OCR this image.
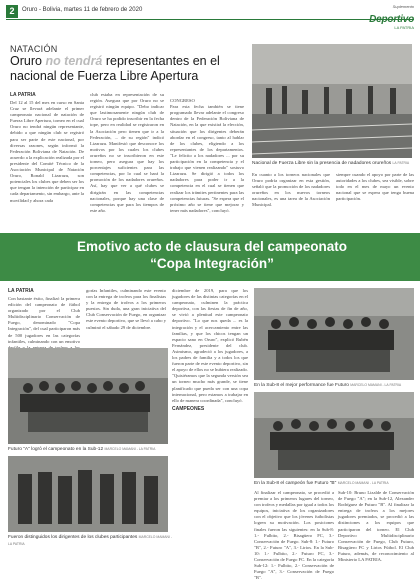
2	Oruro - Bolivia, martes 11 de febrero de 2020
Suplemento
Deportivo
LA PATRIA
NATACIÓN
Oruro no tendrá representantes en el nacional de Fuerza Libre Apertura
LA PATRIA
Del 12 al 15 del mes en curso en Santa Cruz se llevará adelante el primer campeonato nacional de natación de Fuerza Libre Apertura, torneo en el cual Oruro no tendrá ningún representante, debido a que ningún club se registró para ser parte de este nacional, por diversas razones, según informó la Federación Boliviana de Natación. De acuerdo a la explicación realizada por el presidente del Comité Técnico de la Asociación Municipal de Natación Oruro, Ronald Lizarazu, son potenciales los clubes que deben ser los que tengan la intención de participar en cada departamento, sin embargo, ante la movilidad y ahora cada
club estaba en representación de su región. Asegura que por Oruro no se registró ningún equipo. "Debo indicar que lastimosamente ningún club de Oruro se ha podido inscribir en la fecha tope, pero en realidad se registraron en la Asociación pero tienen que ir a la Federación, ... de su región" indicó Lizarazu. Manifestó que desconoce los motivos por los cuales los clubes orureños no se inscribieron en este torneo, pero asegura que hay los porcentajes suficientes para las competencias, por lo cual se hará la promoción de los nadadores orureños. Así, hay que ver a qué clubes se dirigirán en las competencias nacionales, porque hay una clase de competencias que para los tiempos de este año.

CONGRESO
Para esta fecha también se tiene programado llevar adelante el congreso dentro de la Federación Boliviana de Natación, en la que existirá la elección, situación que los dirigentes deberán abordar en el congreso, tanto al hablar de los clubes, eligiendo a los representantes de los departamentos. "Le felicito a los nadadores ... por su participación en la competencia y el trabajo que vienen realizando" sostuvo Lizarazu. Se dirigió a todos los nadadores para poder ir a la competencia en el cual se tienen que realizar los trámites pertinentes para las competencias futuras. "Se espera que el próximo año se tiene que mejorar y tener más nadadores", concluyó.

Nacional de Fuerza Libre sin la presencia de nadadores orureños LA PATRIA
En cuanto a los torneos nacionales que Oruro podría organizar en esta gestión, señaló que la promoción de los nadadores orureños en los nuevos torneos nacionales, es una tarea de la Asociación Municipal.
siempre cuando el apoyo por parte de las autoridades a los clubes, sea visible, sobre todo en el mes de mayo un evento nacional que se espera que tenga buena participación.
Emotivo acto de clausura del campeonato “Copa Integración”
LA PATRIA
Con bastante éxito, finalizó la primera edición del campeonato de fútbol organizado por el Club Multidisciplinario Conservación de Fuego, denominado "Copa Integración", del cual participaron más de 500 jugadores en las categorías infantiles, culminando con un emotivo
gorías Infantiles, culminando este evento con la entrega de trofeos para los finalistas y la entrega de trofeos a los primeros puestos. Sin duda, una gran iniciativa del Club Conservación de Fuego, en organizar este evento deportivo, que se llevó a cabo y culminó el sábado 29 de diciembre.
diciembre de 2019, para que los jugadores de las distintas categorías en el campeonato, culminen la práctica deportiva, con las fiestas de fin de año, se vivió a plenitud este campeonato deportivo. "Lo que nos queda ... es la integración y el acercamiento entre las familias, y que los chicos tengan un espacio sano en Oruro", explicó Rubén Fernández, presidente del club. Asimismo, agradeció a los jugadores, a los padres de familia y a todos los que fueron parte de este evento deportivo, sin el apoyo de ellos no se hubiera realizado. "Quisiéramos que la segunda versión sea un torneo mucho más grande, se tiene planificado que pueda ser con una copa internacional, pero estamos a trabajar en ello de manera coordinada", concluyó.
CAMPEONES
Futuro "A" logró el campeonato en la Sub-12 MARCELO MAMANI - LA PATRIA
Fueron distinguidos los dirigentes de los clubes participantes MARCELO MAMANI - LA PATRIA
En la Sub-8 el mejor performance fue Futuro MARCELO MAMANI - LA PATRIA
En la Sub-8 el campeón fue Futuro "B" MARCELO MAMANI - LA PATRIA
Al finalizar el campeonato, se procedió a premiar a los primeros lugares del torneo, con trofeos y medallas por igual a todos los equipos, iniciativa de los organizadores con el objetivo que los jóvenes futbolistas logren su motivación. Los posiciones finales fueron las siguientes: en la Sub-8: 1.- Fulbito, 2.- Bisagüero FC, 3.- Conservación de Fuego. Sub-8: 1.- Futuro "B", 2.- Futuro "A", 3.- Lirios. En la Sub-10: 1.- Fulbito, 2.- Futuro FC, 3.- Conservación de Fuego FC. En la categoría Sub-12: 1.- Fulbito, 2.- Conservación de Fuego "A", 3.- Conservación de Fuego "B".
Sub-10: Bruno Lizalde de Conservación de Fuego "A"; en la Sub-12, Alexander Rodríguez de Futuro "B". Al finalizar la entrega de trofeos a los mejores jugadores premiados, se procedió a las distinciones a los equipos que participaron del torneo. El Club Deportivo Multidisciplinario Conservación de Fuego, Club Futuro, Bisagüero FC y Lirios Fútbol. El Club Futuro, además, de reconocimiento al Ministerio LA PATRIA.
